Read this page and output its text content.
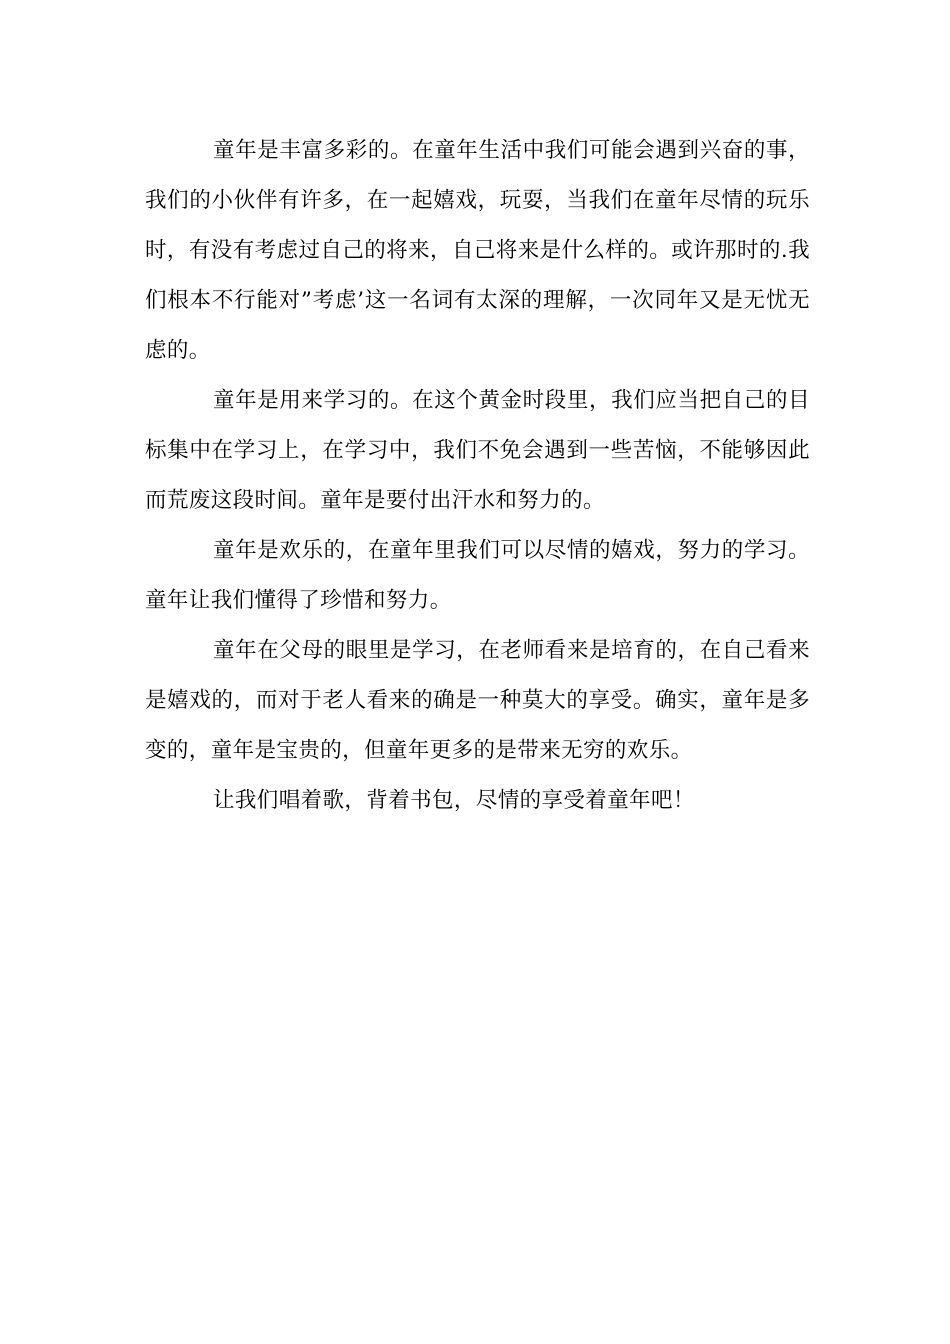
童年是丰富多彩的。在童年生活中我们可能会遇到兴奋的事，我们的小伙伴有许多，在一起嬉戏，玩耍，当我们在童年尽情的玩乐时，有没有考虑过自己的将来，自己将来是什么样的。或许那时的.我们根本不行能对”考虑’这一名词有太深的理解，一次同年又是无忧无虑的。

童年是用来学习的。在这个黄金时段里，我们应当把自己的目标集中在学习上，在学习中，我们不免会遇到一些苦恼，不能够因此而荒废这段时间。童年是要付出汗水和努力的。

童年是欢乐的，在童年里我们可以尽情的嬉戏，努力的学习。童年让我们懂得了珍惜和努力。

童年在父母的眼里是学习，在老师看来是培育的，在自己看来是嬉戏的，而对于老人看来的确是一种莫大的享受。确实，童年是多变的，童年是宝贵的，但童年更多的是带来无穷的欢乐。

让我们唱着歌，背着书包，尽情的享受着童年吧！
